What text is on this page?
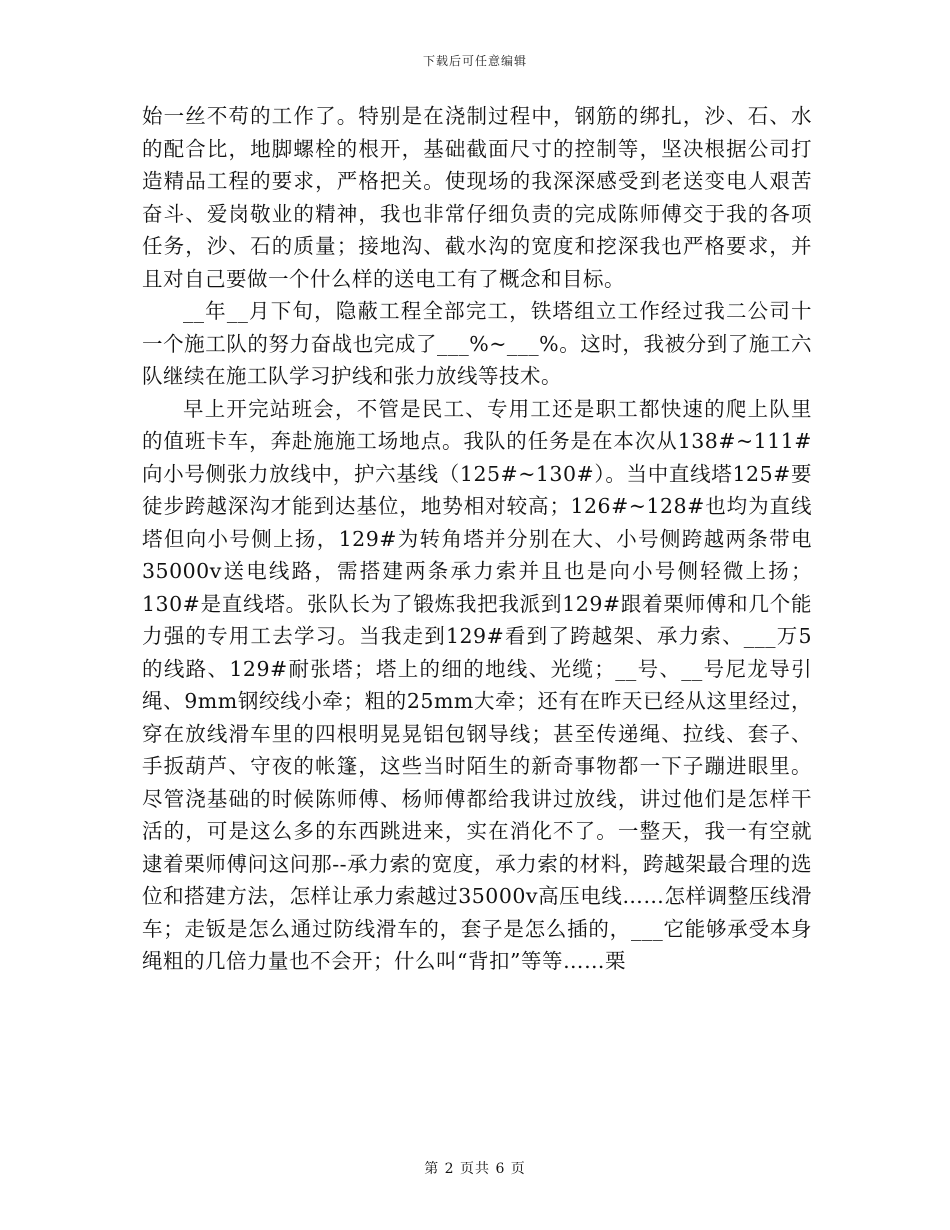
下载后可任意编辑

始一丝不苟的工作了。特别是在浇制过程中，钢筋的绑扎，沙、石、水的配合比，地脚螺栓的根开，基础截面尺寸的控制等，坚决根据公司打造精品工程的要求，严格把关。使现场的我深深感受到老送变电人艰苦奋斗、爱岗敬业的精神，我也非常仔细负责的完成陈师傅交于我的各项任务，沙、石的质量；接地沟、截水沟的宽度和挖深我也严格要求，并且对自己要做一个什么样的送电工有了概念和目标。

__年__月下旬，隐蔽工程全部完工，铁塔组立工作经过我二公司十一个施工队的努力奋战也完成了___%~___%。这时，我被分到了施工六队继续在施工队学习护线和张力放线等技术。

早上开完站班会，不管是民工、专用工还是职工都快速的爬上队里的值班卡车，奔赴施施工场地点。我队的任务是在本次从138#~111#向小号侧张力放线中，护六基线（125#~130#）。当中直线塔125#要徒步跨越深沟才能到达基位，地势相对较高；126#~128#也均为直线塔但向小号侧上扬，129#为转角塔并分别在大、小号侧跨越两条带电35000v送电线路，需搭建两条承力索并且也是向小号侧轻微上扬；130#是直线塔。张队长为了锻炼我把我派到129#跟着栗师傅和几个能力强的专用工去学习。当我走到129#看到了跨越架、承力索、___万5的线路、129#耐张塔；塔上的细的地线、光缆；__号、__号尼龙导引绳、9mm钢绞线小牵；粗的25mm大牵；还有在昨天已经从这里经过，穿在放线滑车里的四根明晃晃铝包钢导线；甚至传递绳、拉线、套子、手扳葫芦、守夜的帐篷，这些当时陌生的新奇事物都一下子蹦进眼里。尽管浇基础的时候陈师傅、杨师傅都给我讲过放线，讲过他们是怎样干活的，可是这么多的东西跳进来，实在消化不了。一整天，我一有空就逮着栗师傅问这问那--承力索的宽度，承力索的材料，跨越架最合理的选位和搭建方法，怎样让承力索越过35000v高压电线……怎样调整压线滑车；走钣是怎么通过防线滑车的，套子是怎么插的，___它能够承受本身绳粗的几倍力量也不会开；什么叫“背扣”等等……栗

第 2 页共 6 页
